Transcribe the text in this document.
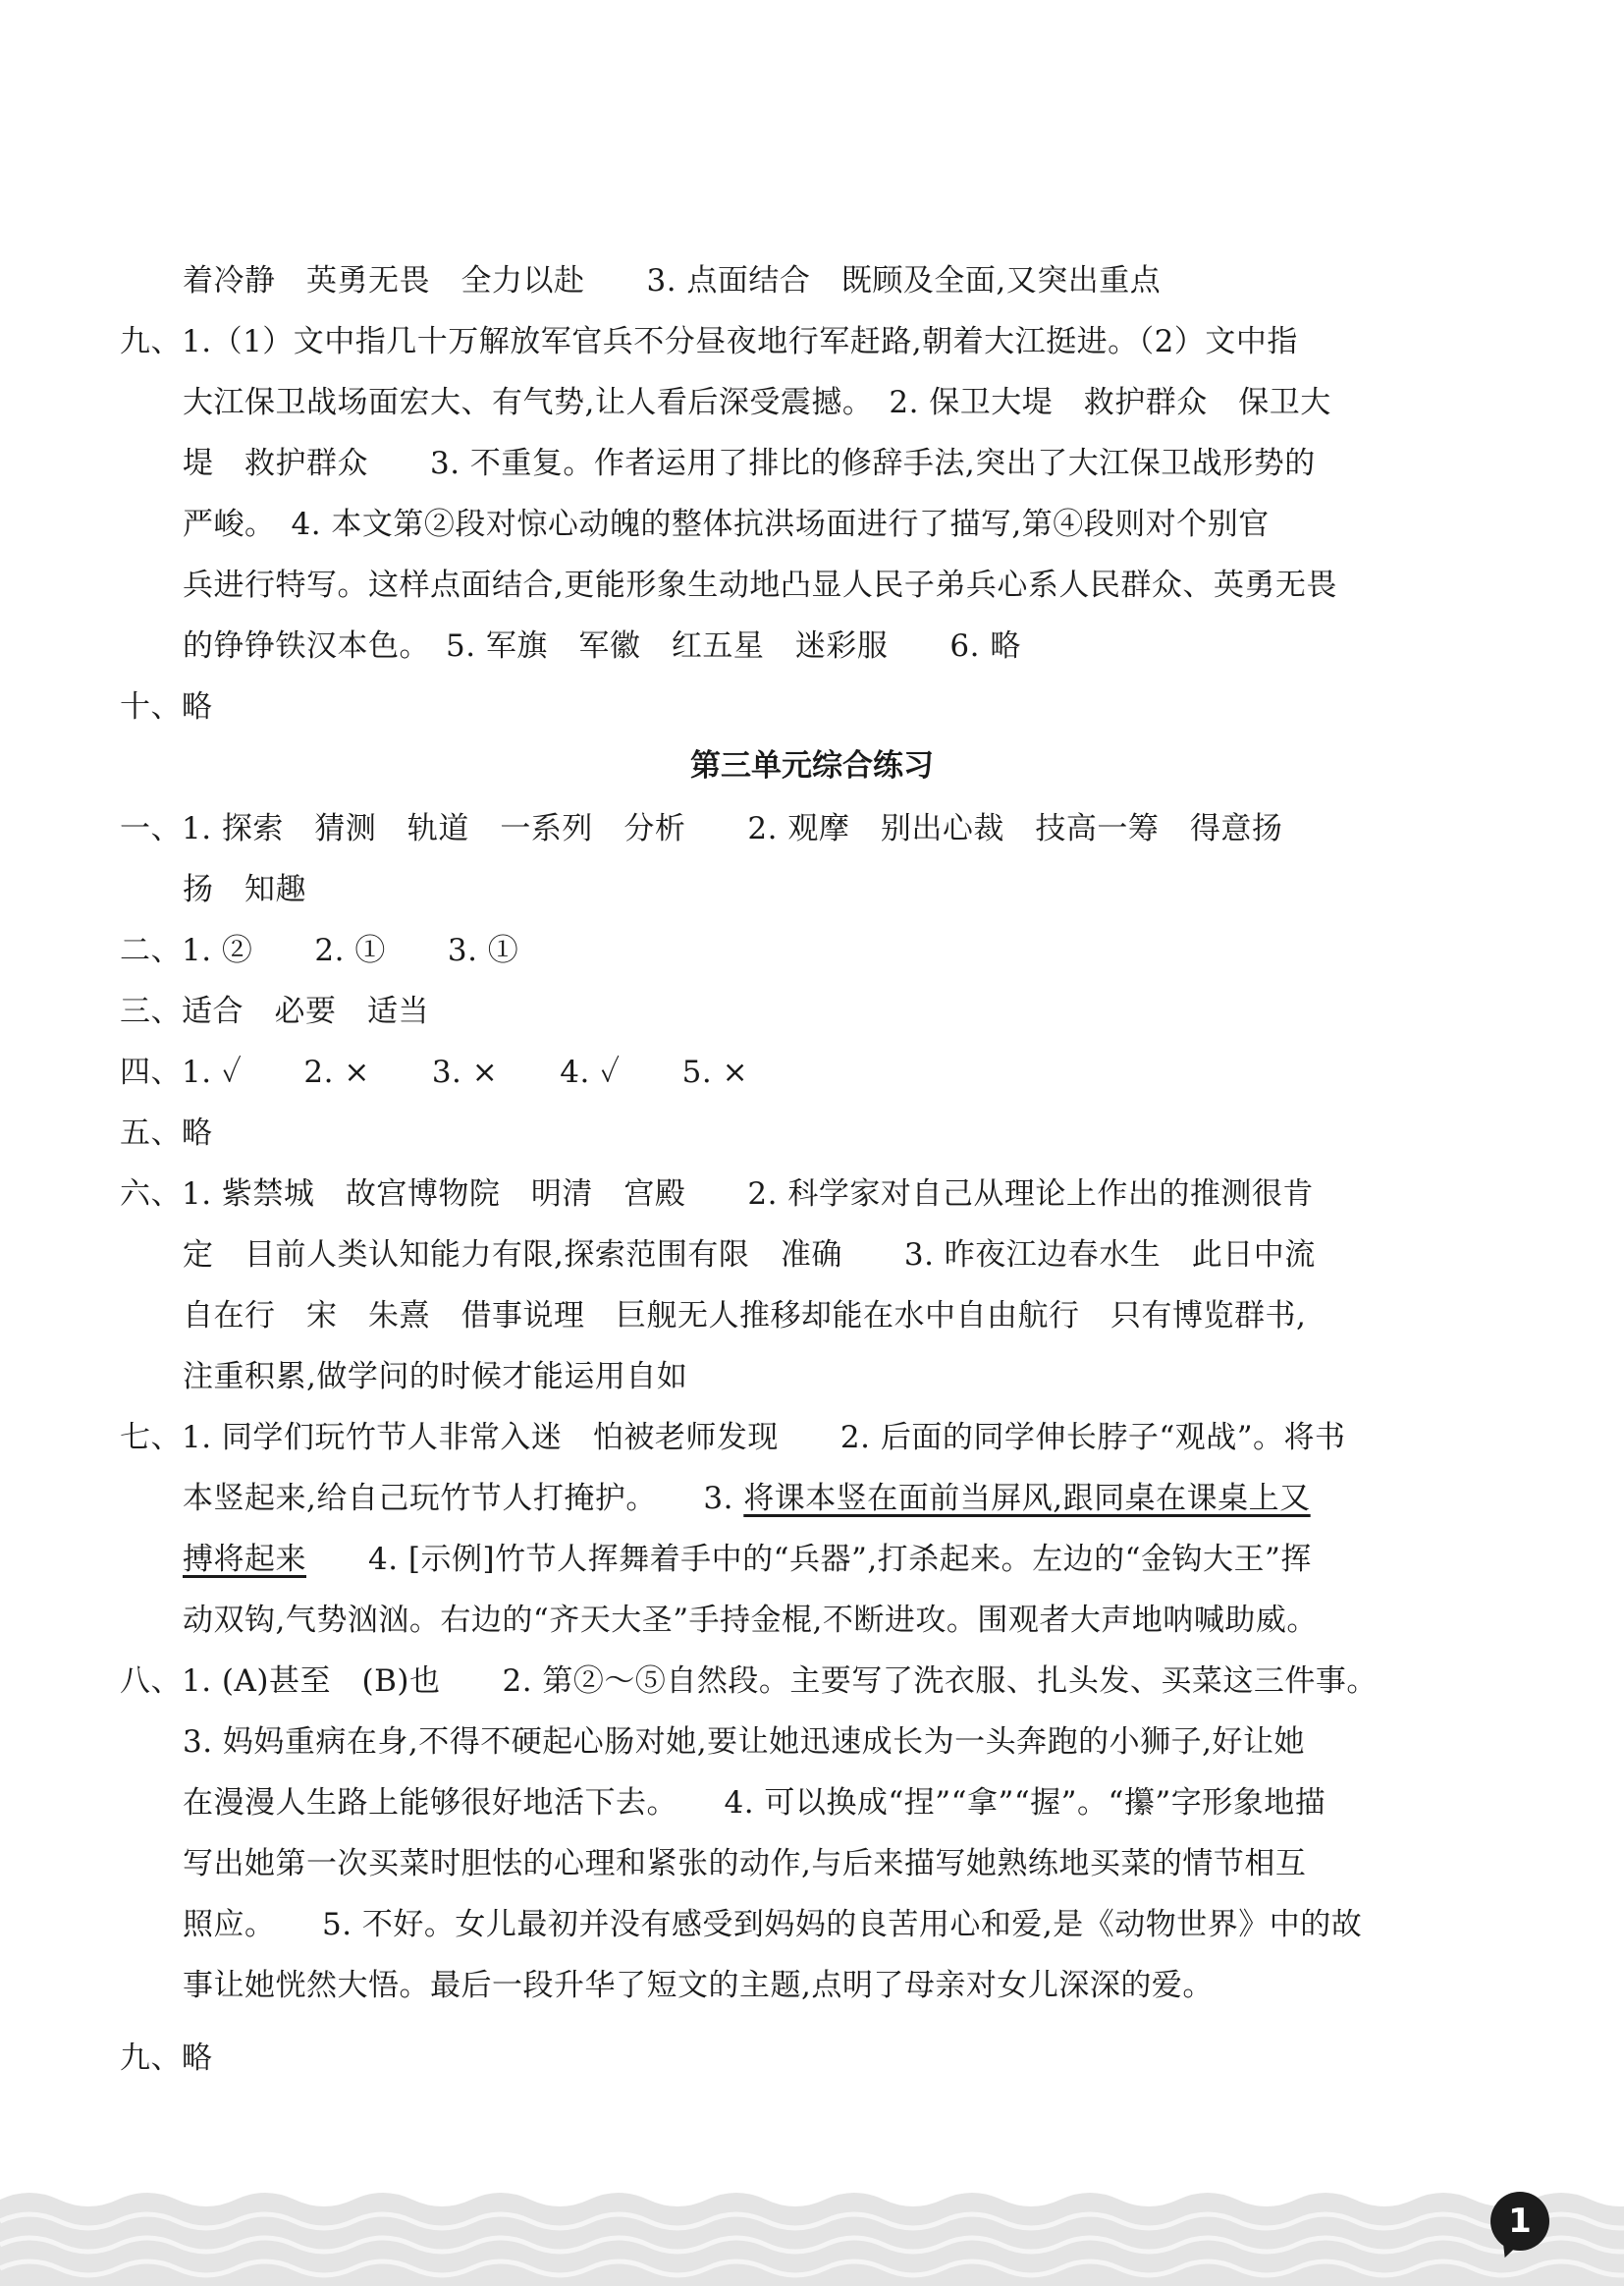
着冷静　英勇无畏　全力以赴　　3. 点面结合　既顾及全面,又突出重点
九、1.（1）文中指几十万解放军官兵不分昼夜地行军赶路,朝着大江挺进。（2）文中指
大江保卫战场面宏大、有气势,让人看后深受震撼。　2. 保卫大堤　救护群众　保卫大
堤　救护群众　　3. 不重复。作者运用了排比的修辞手法,突出了大江保卫战形势的
严峻。　4. 本文第②段对惊心动魄的整体抗洪场面进行了描写,第④段则对个别官
兵进行特写。这样点面结合,更能形象生动地凸显人民子弟兵心系人民群众、英勇无畏
的铮铮铁汉本色。　5. 军旗　军徽　红五星　迷彩服　　6. 略
十、略
第三单元综合练习
一、1. 探索　猜测　轨道　一系列　分析　　2. 观摩　别出心裁　技高一筹　得意扬
扬　知趣
二、1. ②　　2. ①　　3. ①
三、适合　必要　适当
四、1. ✓　　2. ×　　3. ×　　4. ✓　　5. ×
五、略
六、1. 紫禁城　故宫博物院　明清　宫殿　　2. 科学家对自己从理论上作出的推测很肯
定　目前人类认知能力有限,探索范围有限　准确　　3. 昨夜江边春水生　此日中流
自在行　宋　朱熹　借事说理　巨舰无人推移却能在水中自由航行　只有博览群书,
注重积累,做学问的时候才能运用自如
七、1. 同学们玩竹节人非常入迷　怕被老师发现　　2. 后面的同学伸长脖子“观战”。将书
本竖起来,给自己玩竹节人打掩护。　　3. 将课本竖在面前当屏风,跟同桌在课桌上又
搏将起来　　4. [示例]竹节人挥舞着手中的“兵器”,打杀起来。左边的“金钩大王”挥
动双钩,气势汹汹。右边的“齐天大圣”手持金棍,不断进攻。围观者大声地呐喊助威。
八、1. (A)甚至　(B)也　　2. 第②～⑤自然段。主要写了洗衣服、扎头发、买菜这三件事。
3. 妈妈重病在身,不得不硬起心肠对她,要让她迅速成长为一头奔跑的小狮子,好让她
在漫漫人生路上能够很好地活下去。　　4. 可以换成“捏”“拿”“握”。“攥”字形象地描
写出她第一次买菜时胆怯的心理和紧张的动作,与后来描写她熟练地买菜的情节相互
照应。　　5. 不好。女儿最初并没有感受到妈妈的良苦用心和爱,是《动物世界》中的故
事让她恍然大悟。最后一段升华了短文的主题,点明了母亲对女儿深深的爱。
九、略
1
